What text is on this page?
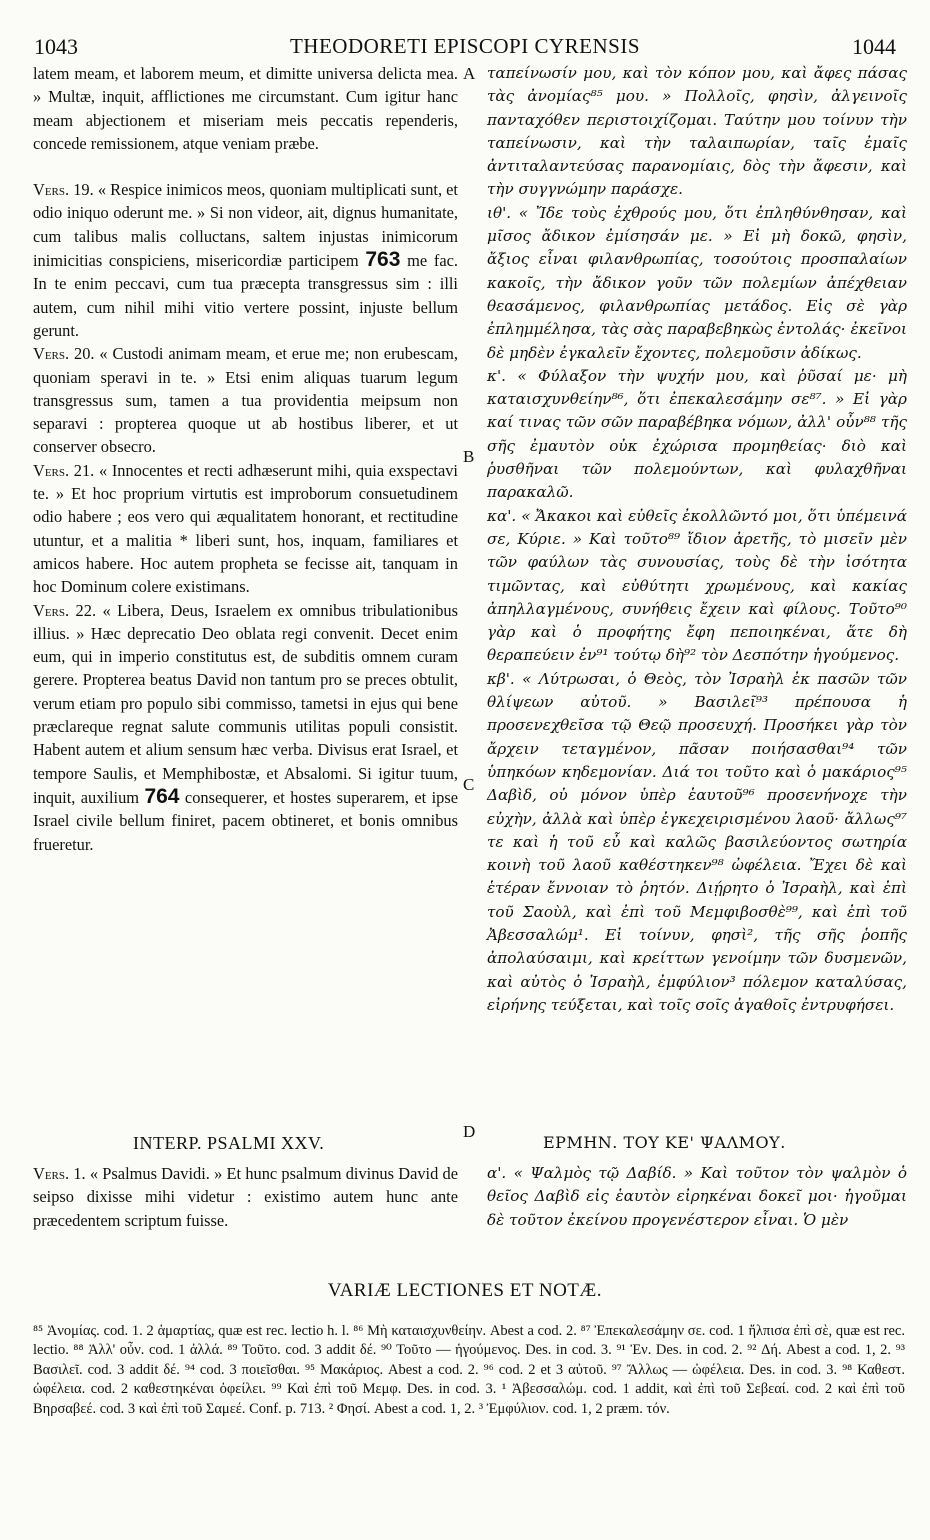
1043	THEODORETI EPISCOPI CYRENSIS	1044

latem meam, et laborem meum, et dimitte universa delicta mea. » Multæ, inquit, afflictiones me circumstant. Cum igitur hanc meam abjectionem et miseriam meis peccatis rependeris, concede remissionem, atque veniam præbe.

Vers. 19. « Respice inimicos meos, quoniam multiplicati sunt, et odio iniquo oderunt me. » Si non videor, ait, dignus humanitate, cum talibus malis colluctans, saltem injustas inimicorum inimicitias conspiciens, misericordiæ participem 763 me fac. In te enim peccavi, cum tua præcepta transgressus sim : illi autem, cum nihil mihi vitio vertere possint, injuste bellum gerunt.

Vers. 20. « Custodi animam meam, et erue me; non erubescam, quoniam speravi in te. » Etsi enim aliquas tuarum legum transgressus sum, tamen a tua providentia meipsum non separavi : propterea quoque ut ab hostibus liberer, et ut conserver obsecro.

Vers. 21. « Innocentes et recti adhæserunt mihi, quia exspectavi te. » Et hoc proprium virtutis est improborum consuetudinem odio habere ; eos vero qui æqualitatem honorant, et rectitudine utuntur, et a malitia * liberi sunt, hos, inquam, familiares et amicos habere. Hoc autem propheta se fecisse ait, tanquam in hoc Dominum colere existimans.

Vers. 22. « Libera, Deus, Israelem ex omnibus tribulationibus illius. » Hæc deprecatio Deo oblata regi convenit. Decet enim eum, qui in imperio constitutus est, de subditis omnem curam gerere. Propterea beatus David non tantum pro se preces obtulit, verum etiam pro populo sibi commisso, tametsi in ejus qui bene præclareque regnat salute communis utilitas populi consistit. Habent autem et alium sensum hæc verba. Divisus erat Israel, et tempore Saulis, et Memphibostæ, et Absalomi. Si igitur tuum, inquit, auxilium 764 consequerer, et hostes superarem, et ipse Israel civile bellum finiret, pacem obtineret, et bonis omnibus frueretur.

A
B
C
D

ταπείνωσίν μου, καὶ τὸν κόπον μου, καὶ ἄφες πάσας τὰς ἀνομίας⁸⁵ μου. » Πολλοῖς, φησὶν, ἀλγεινοῖς πανταχόθεν περιστοιχίζομαι. Ταύτην μου τοίνυν τὴν ταπείνωσιν, καὶ τὴν ταλαιπωρίαν, ταῖς ἐμαῖς ἀντιταλαντεύσας παρανομίαις, δὸς τὴν ἄφεσιν, καὶ τὴν συγγνώμην παράσχε.

ιθ'. « Ἴδε τοὺς ἐχθρούς μου, ὅτι ἐπληθύνθησαν, καὶ μῖσος ἄδικον ἐμίσησάν με. » Εἰ μὴ δοκῶ, φησὶν, ἄξιος εἶναι φιλανθρωπίας, τοσούτοις προσπαλαίων κακοῖς, τὴν ἄδικον γοῦν τῶν πολεμίων ἀπέχθειαν θεασάμενος, φιλανθρωπίας μετάδος. Εἰς σὲ γὰρ ἐπλημμέλησα, τὰς σὰς παραβεβηκὼς ἐντολάς· ἐκεῖνοι δὲ μηδὲν ἐγκαλεῖν ἔχοντες, πολεμοῦσιν ἀδίκως.

κ'. « Φύλαξον τὴν ψυχήν μου, καὶ ῥῦσαί με· μὴ καταισχυνθείην⁸⁶, ὅτι ἐπεκαλεσάμην σε⁸⁷. » Εἰ γὰρ καί τινας τῶν σῶν παραβέβηκα νόμων, ἀλλ' οὖν⁸⁸ τῆς σῆς ἐμαυτὸν οὐκ ἐχώρισα προμηθείας· διὸ καὶ ῥυσθῆναι τῶν πολεμούντων, καὶ φυλαχθῆναι παρακαλῶ.

κα'. « Ἄκακοι καὶ εὐθεῖς ἐκολλῶντό μοι, ὅτι ὑπέμεινά σε, Κύριε. » Καὶ τοῦτο⁸⁹ ἴδιον ἀρετῆς, τὸ μισεῖν μὲν τῶν φαύλων τὰς συνουσίας, τοὺς δὲ τὴν ἰσότητα τιμῶντας, καὶ εὐθύτητι χρωμένους, καὶ κακίας ἀπηλλαγμένους, συνήθεις ἔχειν καὶ φίλους. Τοῦτο⁹⁰ γὰρ καὶ ὁ προφήτης ἔφη πεποιηκέναι, ἅτε δὴ θεραπεύειν ἐν⁹¹ τούτῳ δὴ⁹² τὸν Δεσπότην ἡγούμενος.

κβ'. « Λύτρωσαι, ὁ Θεὸς, τὸν Ἰσραὴλ ἐκ πασῶν τῶν θλίψεων αὐτοῦ. » Βασιλεῖ⁹³ πρέπουσα ἡ προσενεχθεῖσα τῷ Θεῷ προσευχή. Προσήκει γὰρ τὸν ἄρχειν τεταγμένον, πᾶσαν ποιήσασθαι⁹⁴ τῶν ὑπηκόων κηδεμονίαν. Διά τοι τοῦτο καὶ ὁ μακάριος⁹⁵ Δαβὶδ, οὐ μόνον ὑπὲρ ἑαυτοῦ⁹⁶ προσενήνοχε τὴν εὐχὴν, ἀλλὰ καὶ ὑπὲρ ἐγκεχειρισμένου λαοῦ· ἄλλως⁹⁷ τε καὶ ἡ τοῦ εὖ καὶ καλῶς βασιλεύοντος σωτηρία κοινὴ τοῦ λαοῦ καθέστηκεν⁹⁸ ὠφέλεια. Ἔχει δὲ καὶ ἑτέραν ἔννοιαν τὸ ῥητόν. Διῄρητο ὁ Ἰσραὴλ, καὶ ἐπὶ τοῦ Σαοὺλ, καὶ ἐπὶ τοῦ Μεμφιβοσθὲ⁹⁹, καὶ ἐπὶ τοῦ Ἀβεσσαλώμ¹. Εἰ τοίνυν, φησὶ², τῆς σῆς ῥοπῆς ἀπολαύσαιμι, καὶ κρείττων γενοίμην τῶν δυσμενῶν, καὶ αὐτὸς ὁ Ἰσραὴλ, ἐμφύλιον³ πόλεμον καταλύσας, εἰρήνης τεύξεται, καὶ τοῖς σοῖς ἀγαθοῖς ἐντρυφήσει.

INTERP. PSALMI XXV.	ΕΡΜΗΝ. ΤΟΥ ΚΕ' ΨΑΛΜΟΥ.
Vers. 1. « Psalmus Davidi. » Et hunc psalmum divinus David de seipso dixisse mihi videtur : existimo autem hunc ante præcedentem scriptum fuisse.
α'. « Ψαλμὸς τῷ Δαβίδ. » Καὶ τοῦτον τὸν ψαλμὸν ὁ θεῖος Δαβὶδ εἰς ἑαυτὸν εἰρηκέναι δοκεῖ μοι· ἡγοῦμαι δὲ τοῦτον ἐκείνου προγενέστερον εἶναι. Ὁ μὲν
VARIÆ LECTIONES ET NOTÆ.

⁸⁵ Ἀνομίας. cod. 1. 2 ἁμαρτίας, quæ est rec. lectio h. l. ⁸⁶ Μὴ καταισχυνθείην. Abest a cod. 2. ⁸⁷ Ἐπεκαλεσάμην σε. cod. 1 ἤλπισα ἐπὶ σὲ, quæ est rec. lectio. ⁸⁸ Ἀλλ' οὖν. cod. 1 ἀλλά. ⁸⁹ Τοῦτο. cod. 3 addit δέ. ⁹⁰ Τοῦτο — ἡγούμενος. Des. in cod. 3. ⁹¹ Ἐν. Des. in cod. 2. ⁹² Δή. Abest a cod. 1, 2. ⁹³ Βασιλεῖ. cod. 3 addit δέ. ⁹⁴ cod. 3 ποιεῖσθαι. ⁹⁵ Μακάριος. Abest a cod. 2. ⁹⁶ cod. 2 et 3 αὐτοῦ. ⁹⁷ Ἄλλως — ὠφέλεια. Des. in cod. 3. ⁹⁸ Καθεστ. ὠφέλεια. cod. 2 καθεστηκέναι ὀφείλει. ⁹⁹ Καὶ ἐπὶ τοῦ Μεμφ. Des. in cod. 3. ¹ Ἀβεσσαλώμ. cod. 1 addit, καὶ ἐπὶ τοῦ Σεβεαί. cod. 2 καὶ ἐπὶ τοῦ Βηρσαβεέ. cod. 3 καὶ ἐπὶ τοῦ Σαμεέ. Conf. p. 713. ² Φησί. Abest a cod. 1, 2. ³ Ἐμφύλιον. cod. 1, 2 præm. τόν.
